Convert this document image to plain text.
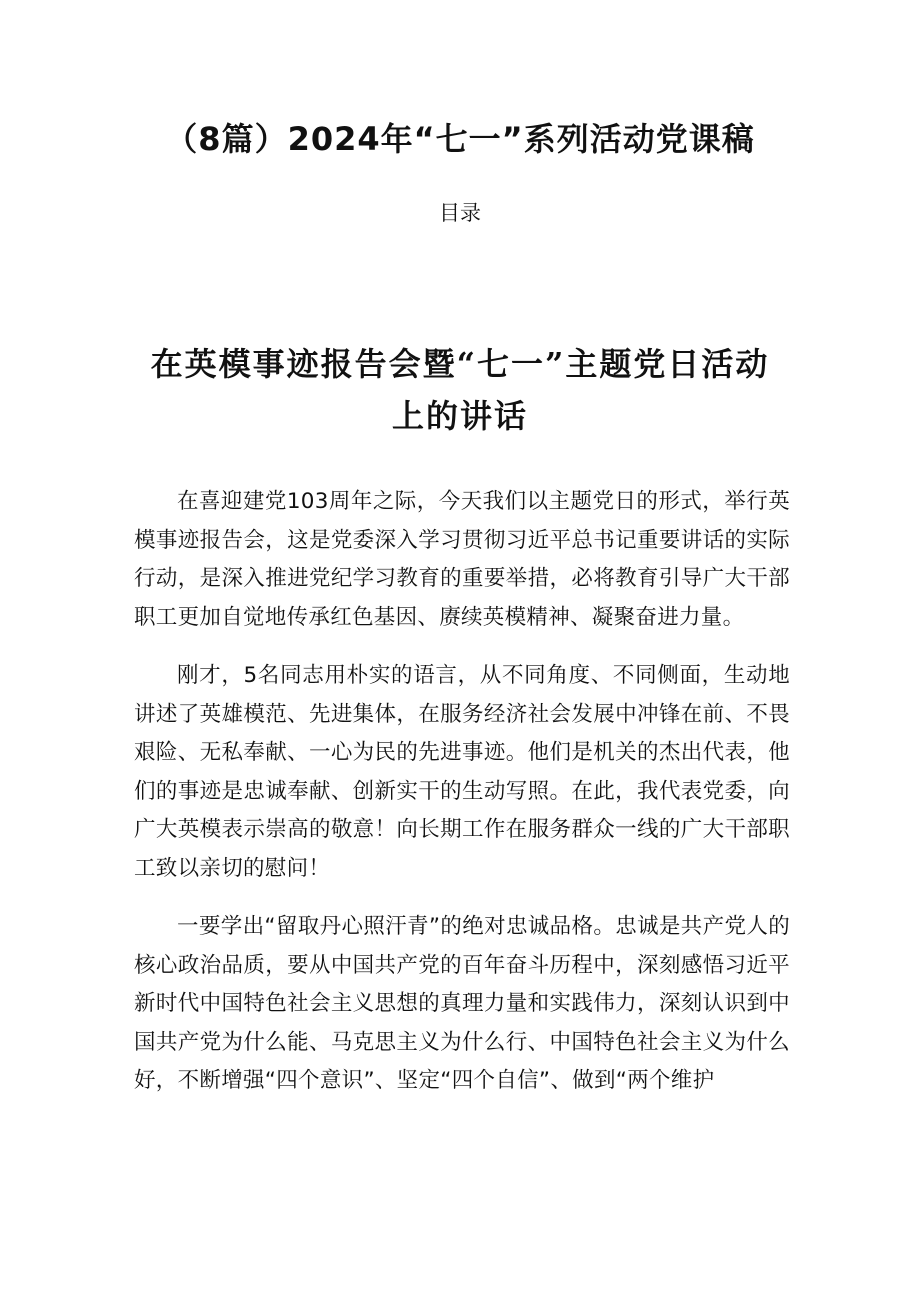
（8篇）2024年“七一”系列活动党课稿
目录
在英模事迹报告会暨“七一”主题党日活动上的讲话

在喜迎建党103周年之际，今天我们以主题党日的形式，举行英模事迹报告会，这是党委深入学习贯彻习近平总书记重要讲话的实际行动，是深入推进党纪学习教育的重要举措，必将教育引导广大干部职工更加自觉地传承红色基因、赓续英模精神、凝聚奋进力量。

刚才，5名同志用朴实的语言，从不同角度、不同侧面，生动地讲述了英雄模范、先进集体，在服务经济社会发展中冲锋在前、不畏艰险、无私奉献、一心为民的先进事迹。他们是机关的杰出代表，他们的事迹是忠诚奉献、创新实干的生动写照。在此，我代表党委，向广大英模表示崇高的敬意！向长期工作在服务群众一线的广大干部职工致以亲切的慰问！

一要学出“留取丹心照汗青”的绝对忠诚品格。忠诚是共产党人的核心政治品质，要从中国共产党的百年奋斗历程中，深刻感悟习近平新时代中国特色社会主义思想的真理力量和实践伟力，深刻认识到中国共产党为什么能、马克思主义为什么行、中国特色社会主义为什么好，不断增强“四个意识”、坚定“四个自信”、做到“两个维护
